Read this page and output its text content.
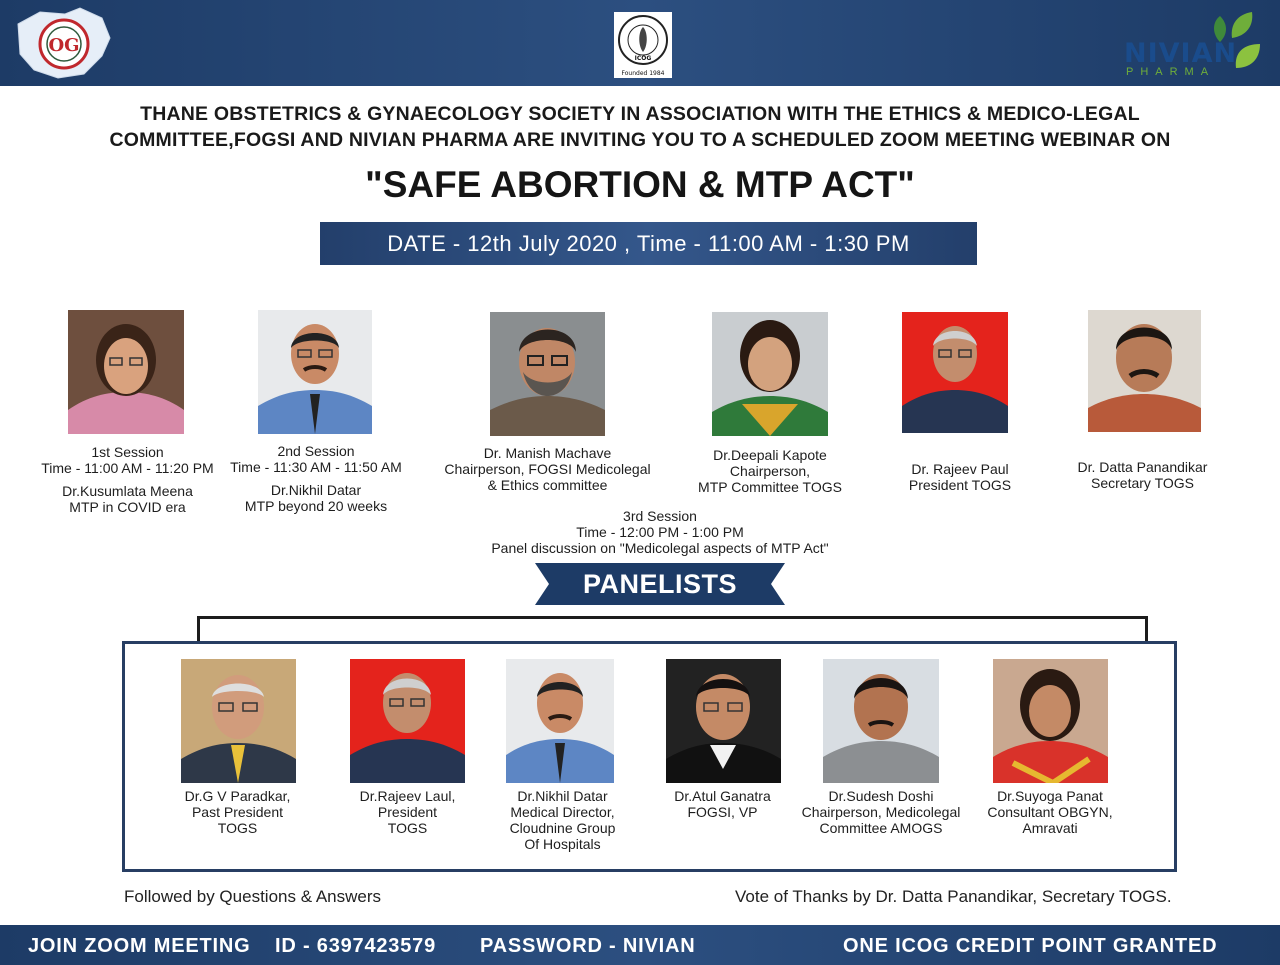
OG
ICOG
Founded 1984
NIVIAN
PHARMA
THANE OBSTETRICS & GYNAECOLOGY SOCIETY IN ASSOCIATION WITH THE ETHICS & MEDICO-LEGAL
COMMITTEE,FOGSI AND NIVIAN PHARMA ARE INVITING YOU TO A SCHEDULED ZOOM MEETING WEBINAR ON
"SAFE ABORTION & MTP ACT"
DATE - 12th July 2020 , Time - 11:00 AM - 1:30 PM
1st Session
Time - 11:00 AM - 11:20 PM
Dr.Kusumlata Meena
MTP in COVID era
2nd Session
Time - 11:30 AM - 11:50 AM
Dr.Nikhil Datar
MTP beyond 20 weeks
Dr. Manish Machave
Chairperson, FOGSI Medicolegal
& Ethics committee
Dr.Deepali Kapote
Chairperson,
MTP Committee TOGS
Dr. Rajeev Paul
President TOGS
Dr. Datta Panandikar
Secretary TOGS
3rd Session
Time - 12:00 PM - 1:00 PM
Panel discussion on "Medicolegal aspects of MTP Act"
PANELISTS
Dr.G V Paradkar,
Past President
TOGS
Dr.Rajeev Laul,
President
TOGS
Dr.Nikhil Datar
Medical Director,
Cloudnine Group
Of Hospitals
Dr.Atul Ganatra
FOGSI, VP
Dr.Sudesh Doshi
Chairperson, Medicolegal
Committee AMOGS
Dr.Suyoga Panat
Consultant OBGYN,
Amravati
Followed by Questions & Answers	Vote of Thanks by Dr. Datta Panandikar, Secretary TOGS.
JOIN ZOOM MEETING ID - 6397423579 PASSWORD - NIVIAN	ONE ICOG CREDIT POINT GRANTED
